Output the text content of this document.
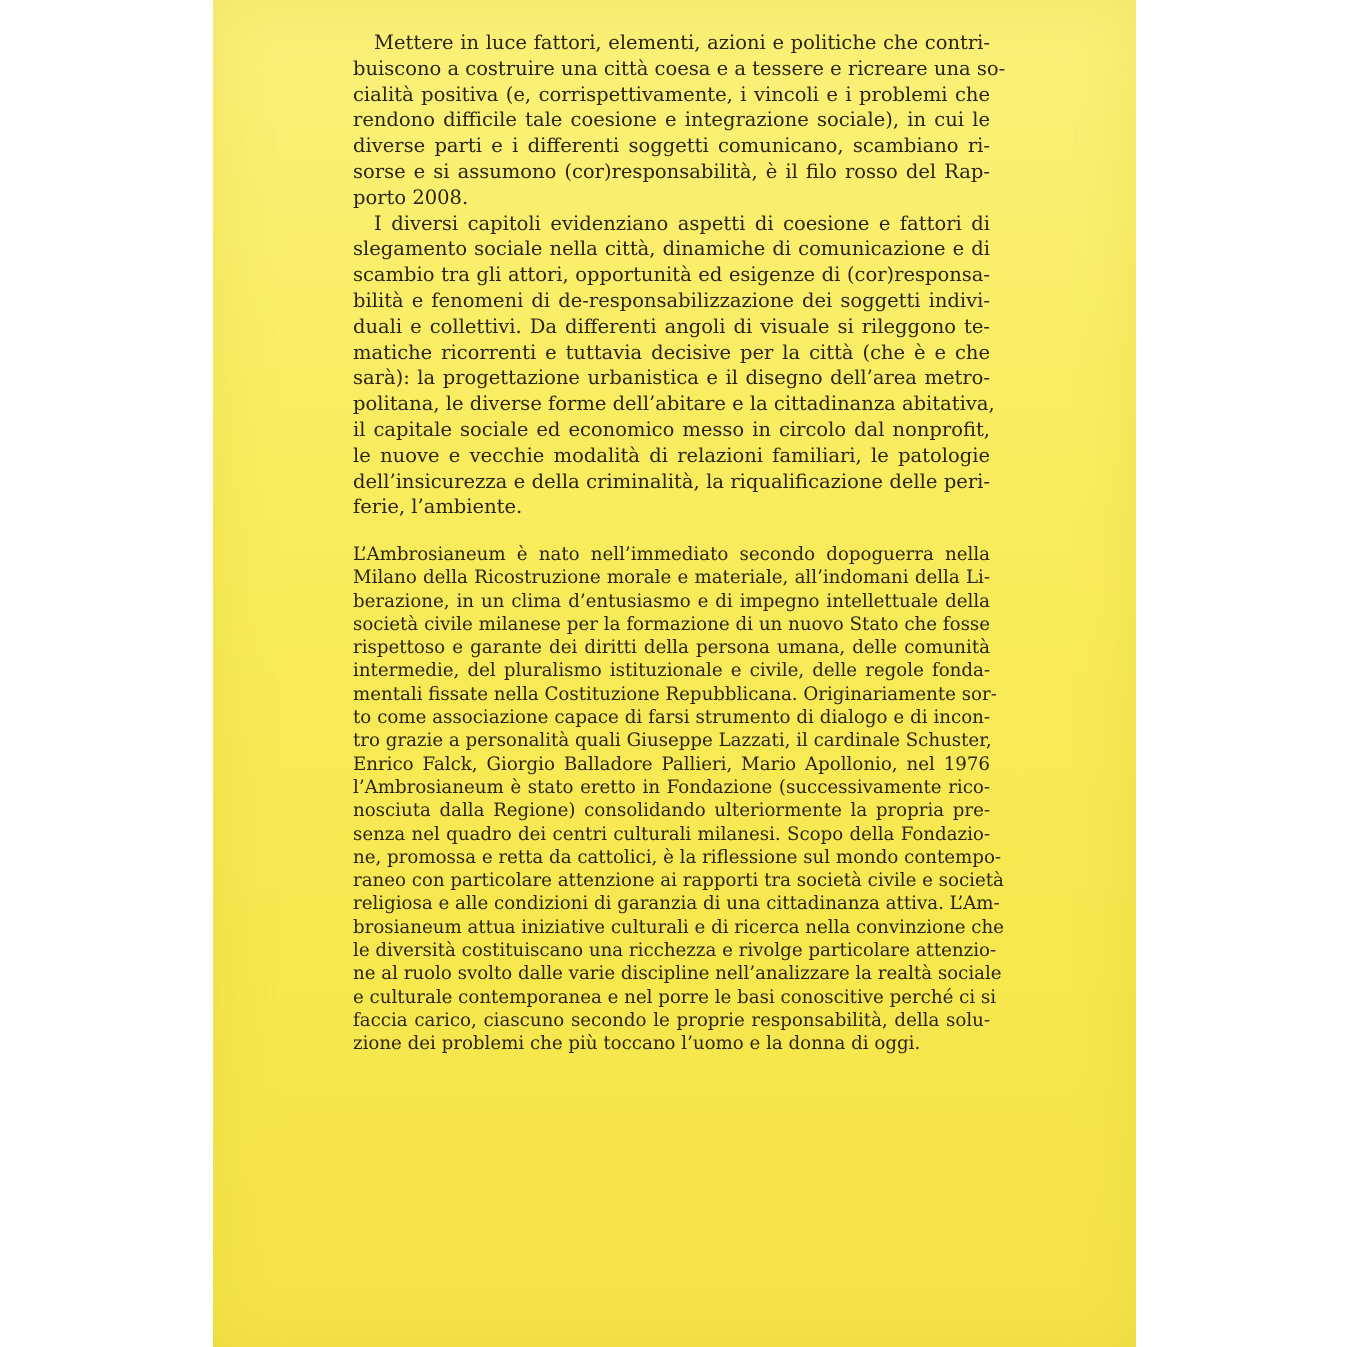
Mettere in luce fattori, elementi, azioni e politiche che contri-
buiscono a costruire una città coesa e a tessere e ricreare una so-
cialità positiva (e, corrispettivamente, i vincoli e i problemi che
rendono difficile tale coesione e integrazione sociale), in cui le
diverse parti e i differenti soggetti comunicano, scambiano ri-
sorse e si assumono (cor)responsabilità, è il filo rosso del Rap-
porto 2008.

I diversi capitoli evidenziano aspetti di coesione e fattori di
slegamento sociale nella città, dinamiche di comunicazione e di
scambio tra gli attori, opportunità ed esigenze di (cor)responsa-
bilità e fenomeni di de-responsabilizzazione dei soggetti indivi-
duali e collettivi. Da differenti angoli di visuale si rileggono te-
matiche ricorrenti e tuttavia decisive per la città (che è e che
sarà): la progettazione urbanistica e il disegno dell’area metro-
politana, le diverse forme dell’abitare e la cittadinanza abitativa,
il capitale sociale ed economico messo in circolo dal nonprofit,
le nuove e vecchie modalità di relazioni familiari, le patologie
dell’insicurezza e della criminalità, la riqualificazione delle peri-
ferie, l’ambiente.

L’Ambrosianeum è nato nell’immediato secondo dopoguerra nella
Milano della Ricostruzione morale e materiale, all’indomani della Li-
berazione, in un clima d’entusiasmo e di impegno intellettuale della
società civile milanese per la formazione di un nuovo Stato che fosse
rispettoso e garante dei diritti della persona umana, delle comunità
intermedie, del pluralismo istituzionale e civile, delle regole fonda-
mentali fissate nella Costituzione Repubblicana. Originariamente sor-
to come associazione capace di farsi strumento di dialogo e di incon-
tro grazie a personalità quali Giuseppe Lazzati, il cardinale Schuster,
Enrico Falck, Giorgio Balladore Pallieri, Mario Apollonio, nel 1976
l’Ambrosianeum è stato eretto in Fondazione (successivamente rico-
nosciuta dalla Regione) consolidando ulteriormente la propria pre-
senza nel quadro dei centri culturali milanesi. Scopo della Fondazio-
ne, promossa e retta da cattolici, è la riflessione sul mondo contempo-
raneo con particolare attenzione ai rapporti tra società civile e società
religiosa e alle condizioni di garanzia di una cittadinanza attiva. L’Am-
brosianeum attua iniziative culturali e di ricerca nella convinzione che
le diversità costituiscano una ricchezza e rivolge particolare attenzio-
ne al ruolo svolto dalle varie discipline nell’analizzare la realtà sociale
e culturale contemporanea e nel porre le basi conoscitive perché ci si
faccia carico, ciascuno secondo le proprie responsabilità, della solu-
zione dei problemi che più toccano l’uomo e la donna di oggi.
